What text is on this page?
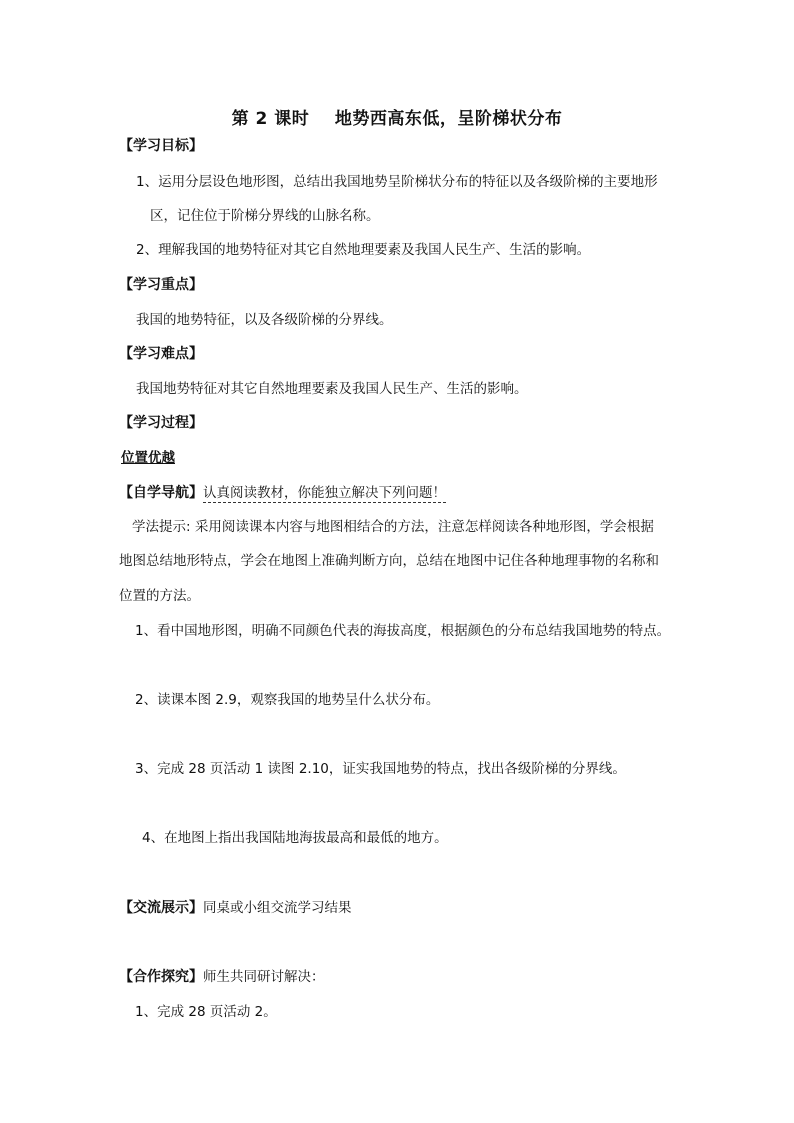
第 2 课时    地势西高东低，呈阶梯状分布
【学习目标】
1、运用分层设色地形图，总结出我国地势呈阶梯状分布的特征以及各级阶梯的主要地形
区，记住位于阶梯分界线的山脉名称。
2、理解我国的地势特征对其它自然地理要素及我国人民生产、生活的影响。
【学习重点】
我国的地势特征，以及各级阶梯的分界线。
【学习难点】
我国地势特征对其它自然地理要素及我国人民生产、生活的影响。
【学习过程】
位置优越
【自学导航】认真阅读教材，你能独立解决下列问题！
学法提示: 采用阅读课本内容与地图相结合的方法，注意怎样阅读各种地形图，学会根据
地图总结地形特点，学会在地图上准确判断方向，总结在地图中记住各种地理事物的名称和
位置的方法。
1、看中国地形图，明确不同颜色代表的海拔高度，根据颜色的分布总结我国地势的特点。
2、读课本图 2.9，观察我国的地势呈什么状分布。
3、完成 28 页活动 1 读图 2.10，证实我国地势的特点，找出各级阶梯的分界线。
4、在地图上指出我国陆地海拔最高和最低的地方。
【交流展示】同桌或小组交流学习结果
【合作探究】师生共同研讨解决：
1、完成 28 页活动 2。
